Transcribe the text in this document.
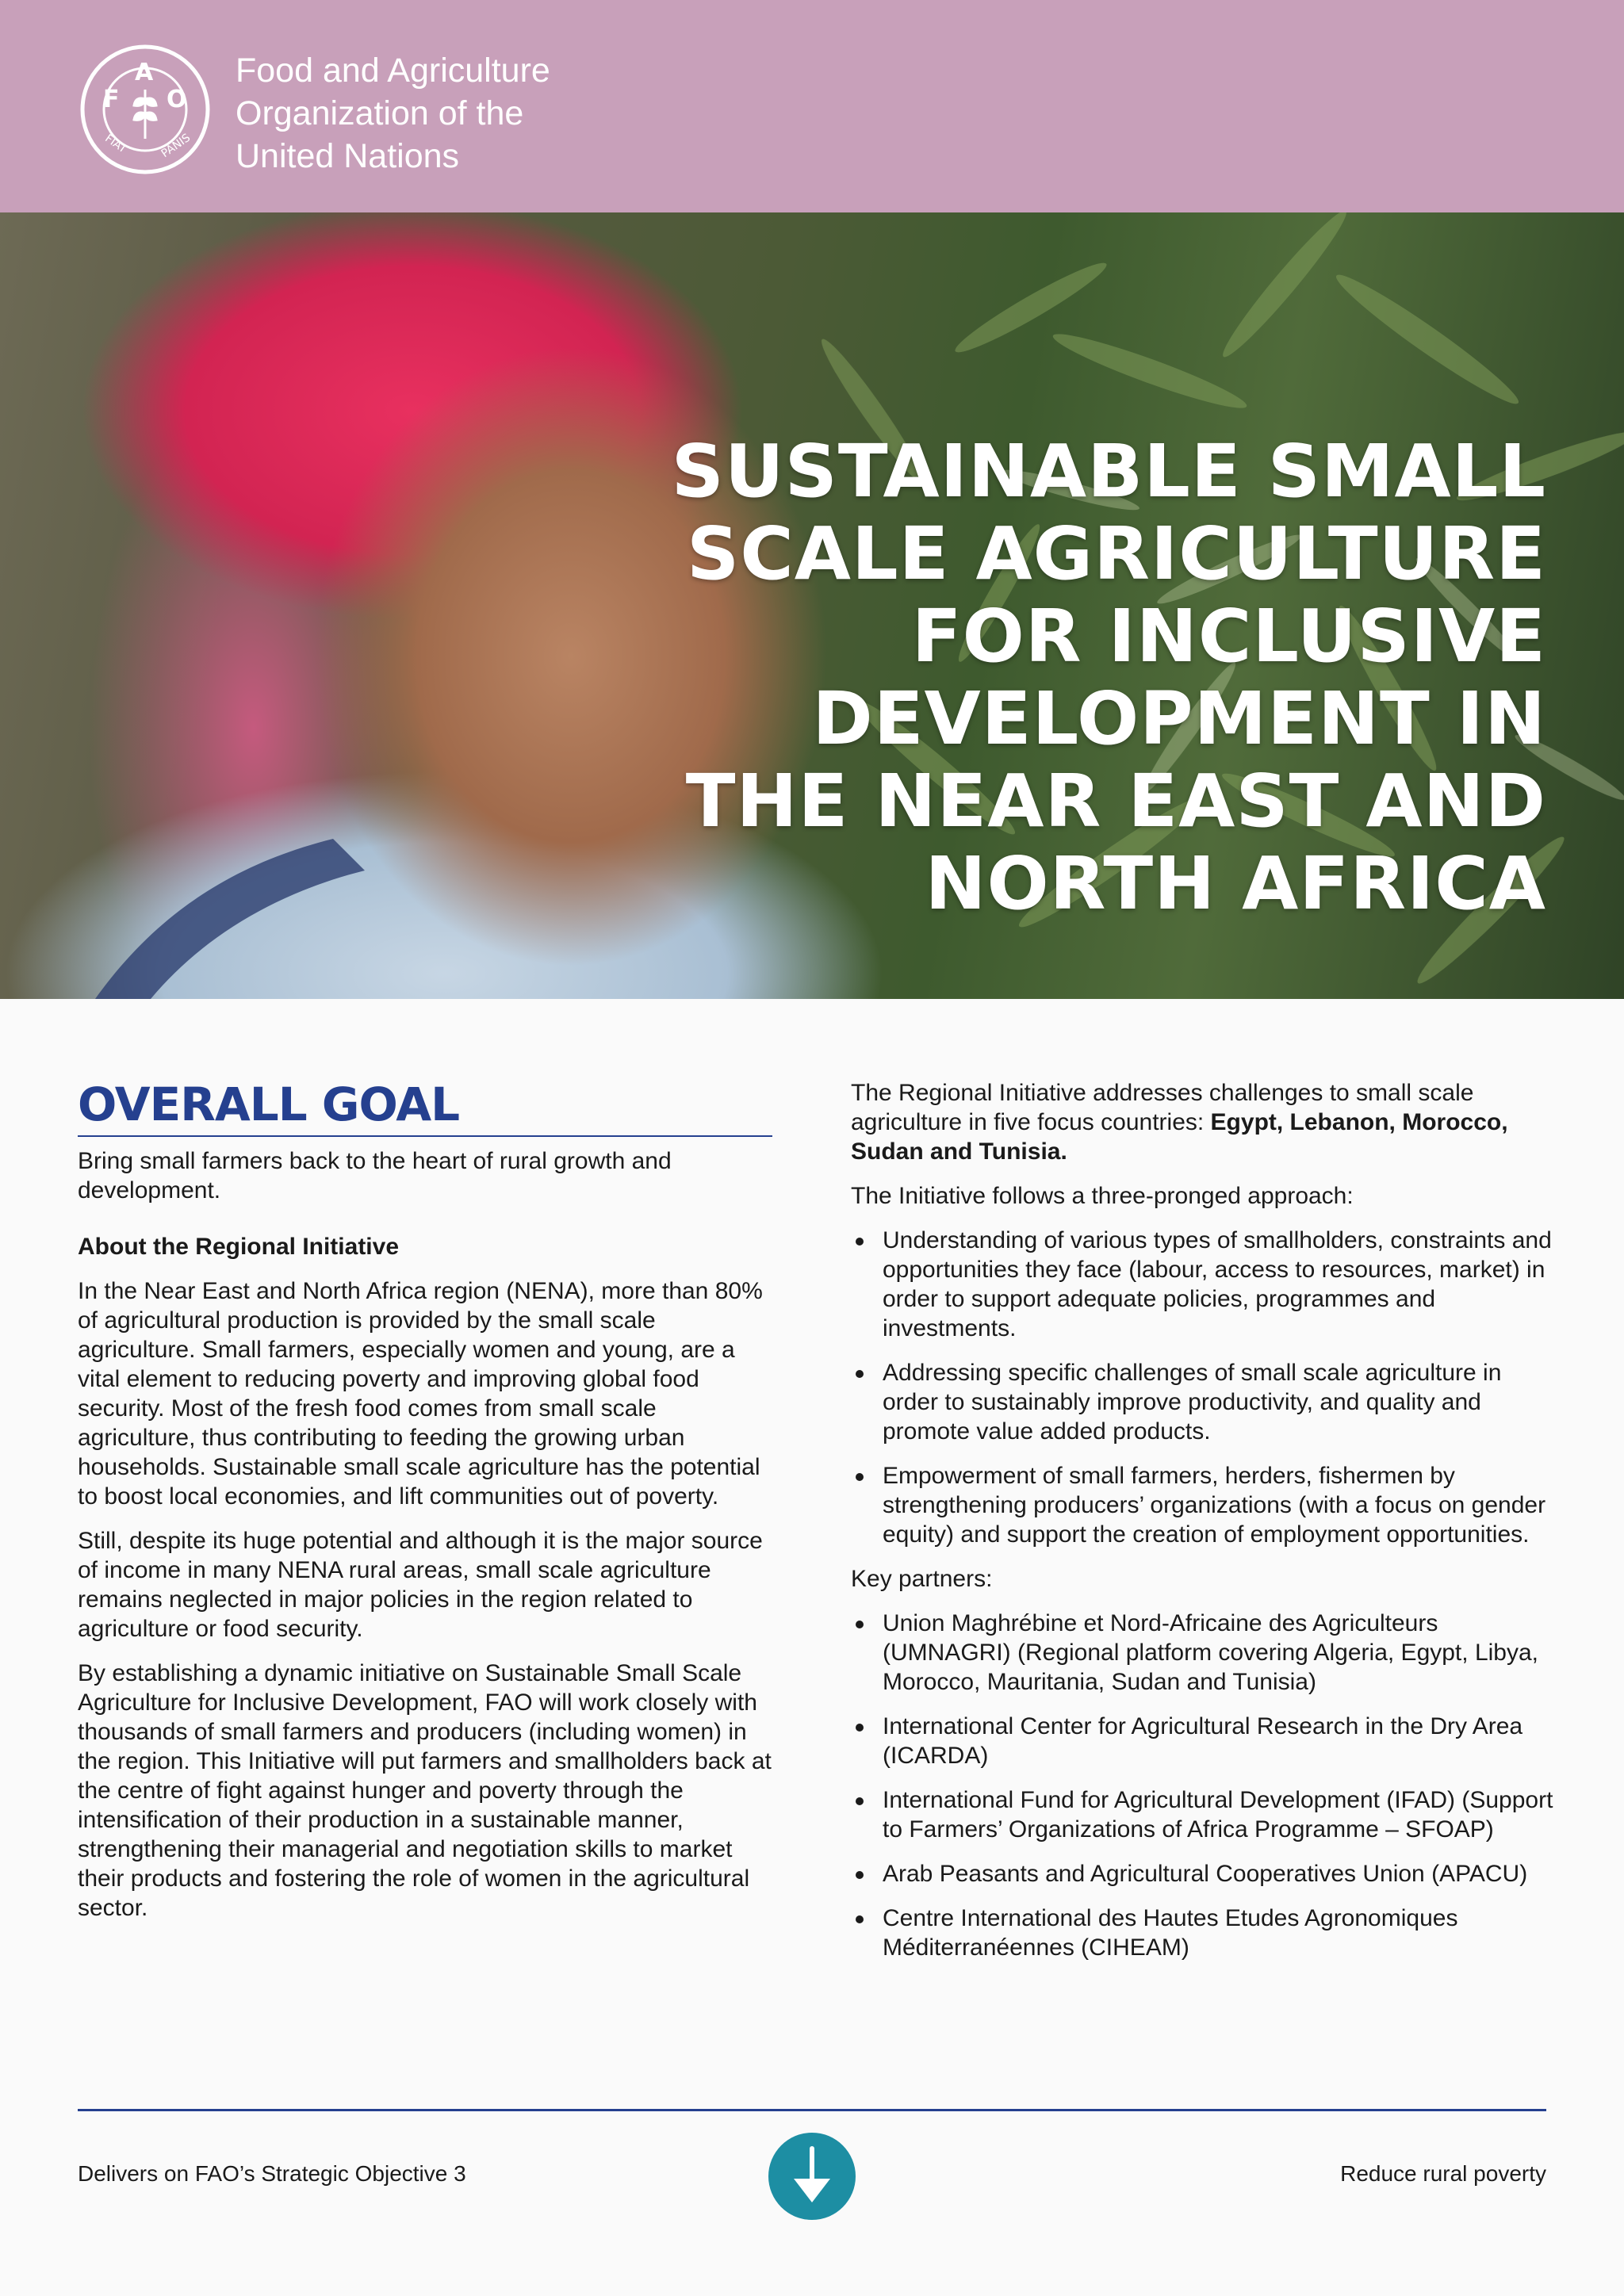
F
A
O
FIAT	PANIS
Food and Agriculture
Organization of the
United Nations
SUSTAINABLE SMALL
SCALE AGRICULTURE
FOR INCLUSIVE
DEVELOPMENT IN
THE NEAR EAST AND
NORTH AFRICA
OVERALL GOAL

Bring small farmers back to the heart of rural growth and development.

About the Regional Initiative

In the Near East and North Africa region (NENA), more than 80% of agricultural production is provided by the small scale agriculture. Small farmers, especially women and young, are a vital element to reducing poverty and improving global food security. Most of the fresh food comes from small scale agriculture, thus contributing to feeding the growing urban households. Sustainable small scale agriculture has the potential to boost local economies, and lift communities out of poverty.

Still, despite its huge potential and although it is the major source of income in many NENA rural areas, small scale agriculture remains neglected in major policies in the region related to agriculture or food security.

By establishing a dynamic initiative on Sustainable Small Scale Agriculture for Inclusive Development, FAO will work closely with thousands of small farmers and producers (including women) in the region. This Initiative will put farmers and smallholders back at the centre of fight against hunger and poverty through the intensification of their production in a sustainable manner, strengthening their managerial and negotiation skills to market their products and fostering the role of women in the agricultural sector.

The Regional Initiative addresses challenges to small scale agriculture in five focus countries: Egypt, Lebanon, Morocco, Sudan and Tunisia.

The Initiative follows a three-pronged approach:

Understanding of various types of smallholders, constraints and opportunities they face (labour, access to resources, market) in order to support adequate policies, programmes and investments.
Addressing specific challenges of small scale agriculture in order to sustainably improve productivity, and quality and promote value added products.
Empowerment of small farmers, herders, fishermen by strengthening producers’ organizations (with a focus on gender equity) and support the creation of employment opportunities.

Key partners:

Union Maghrébine et Nord-Africaine des Agriculteurs (UMNAGRI) (Regional platform covering Algeria, Egypt, Libya, Morocco, Mauritania, Sudan and Tunisia)
International Center for Agricultural Research in the Dry Area (ICARDA)
International Fund for Agricultural Development (IFAD) (Support to Farmers’ Organizations of Africa Programme – SFOAP)
Arab Peasants and Agricultural Cooperatives Union (APACU)
Centre International des Hautes Etudes Agronomiques Méditerranéennes (CIHEAM)
Delivers on FAO’s Strategic Objective 3	Reduce rural poverty
